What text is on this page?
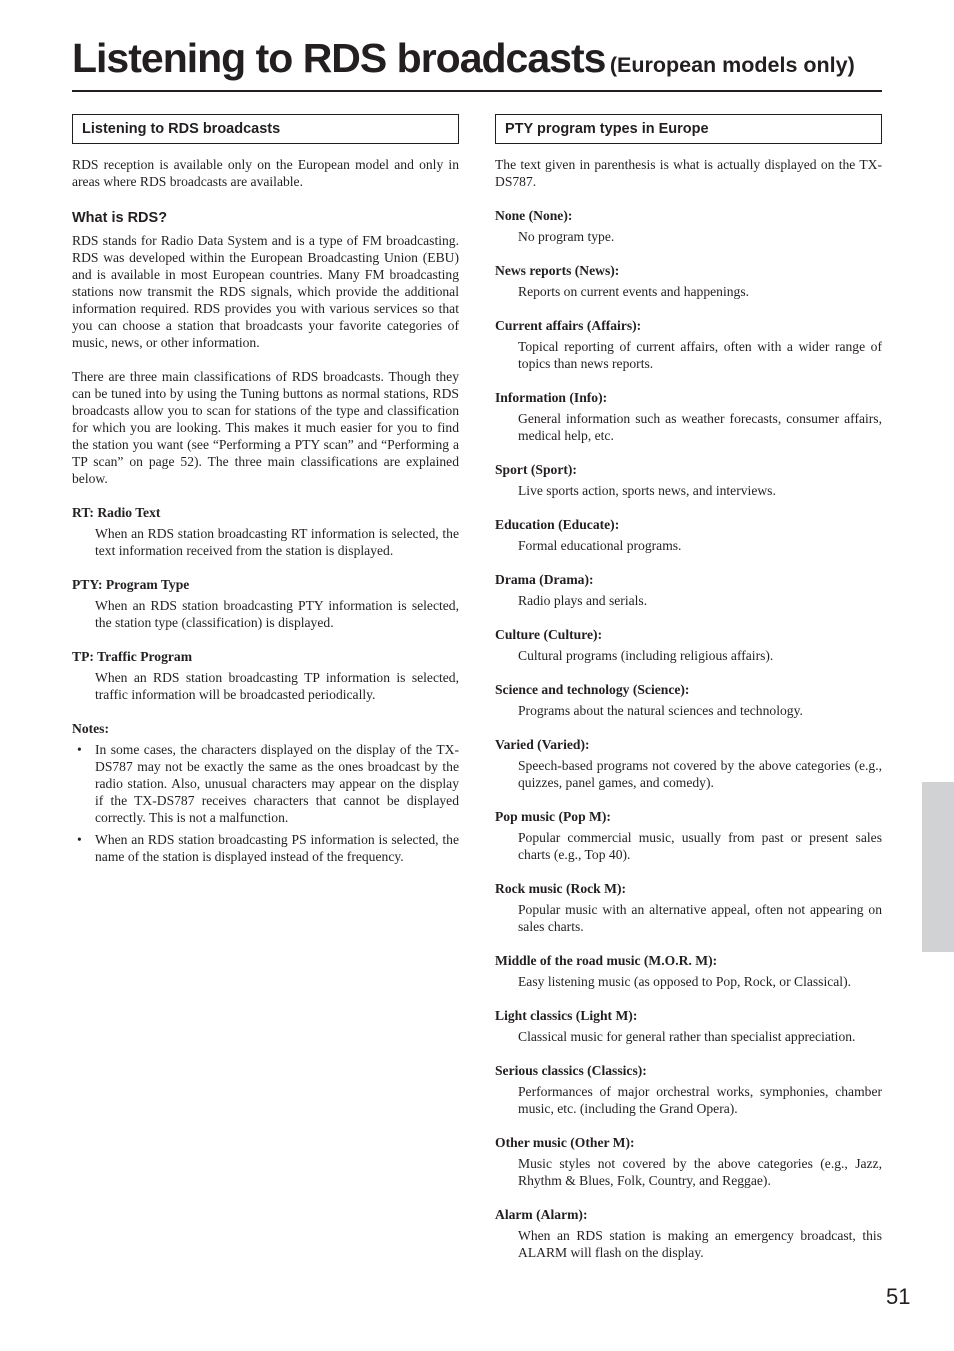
Listening to RDS broadcasts (European models only)
Listening to RDS broadcasts

RDS reception is available only on the European model and only in areas where RDS broadcasts are available.

What is RDS?

RDS stands for Radio Data System and is a type of FM broadcasting. RDS was developed within the European Broadcasting Union (EBU) and is available in most European countries. Many FM broadcasting stations now transmit the RDS signals, which provide the additional information required. RDS provides you with various services so that you can choose a station that broadcasts your favorite categories of music, news, or other information.

There are three main classifications of RDS broadcasts. Though they can be tuned into by using the Tuning buttons as normal stations, RDS broadcasts allow you to scan for stations of the type and classification for which you are looking. This makes it much easier for you to find the station you want (see “Performing a PTY scan” and “Performing a TP scan” on page 52). The three main classifications are explained below.

RT: Radio Text

When an RDS station broadcasting RT information is selected, the text information received from the station is displayed.

PTY: Program Type

When an RDS station broadcasting PTY information is selected, the station type (classification) is displayed.

TP: Traffic Program

When an RDS station broadcasting TP information is selected, traffic information will be broadcasted periodically.

Notes:
• In some cases, the characters displayed on the display of the TX-DS787 may not be exactly the same as the ones broadcast by the radio station. Also, unusual characters may appear on the display if the TX-DS787 receives characters that cannot be displayed correctly. This is not a malfunction.
• When an RDS station broadcasting PS information is selected, the name of the station is displayed instead of the frequency.
PTY program types in Europe

The text given in parenthesis is what is actually displayed on the TX-DS787.

None (None):

No program type.

News reports (News):

Reports on current events and happenings.

Current affairs (Affairs):

Topical reporting of current affairs, often with a wider range of topics than news reports.

Information (Info):

General information such as weather forecasts, consumer affairs, medical help, etc.

Sport (Sport):

Live sports action, sports news, and interviews.

Education (Educate):

Formal educational programs.

Drama (Drama):

Radio plays and serials.

Culture (Culture):

Cultural programs (including religious affairs).

Science and technology (Science):

Programs about the natural sciences and technology.

Varied (Varied):

Speech-based programs not covered by the above categories (e.g., quizzes, panel games, and comedy).

Pop music (Pop M):

Popular commercial music, usually from past or present sales charts (e.g., Top 40).

Rock music (Rock M):

Popular music with an alternative appeal, often not appearing on sales charts.

Middle of the road music (M.O.R. M):

Easy listening music (as opposed to Pop, Rock, or Classical).

Light classics (Light M):

Classical music for general rather than specialist appreciation.

Serious classics (Classics):

Performances of major orchestral works, symphonies, chamber music, etc. (including the Grand Opera).

Other music (Other M):

Music styles not covered by the above categories (e.g., Jazz, Rhythm & Blues, Folk, Country, and Reggae).

Alarm (Alarm):

When an RDS station is making an emergency broadcast, this ALARM will flash on the display.

51
